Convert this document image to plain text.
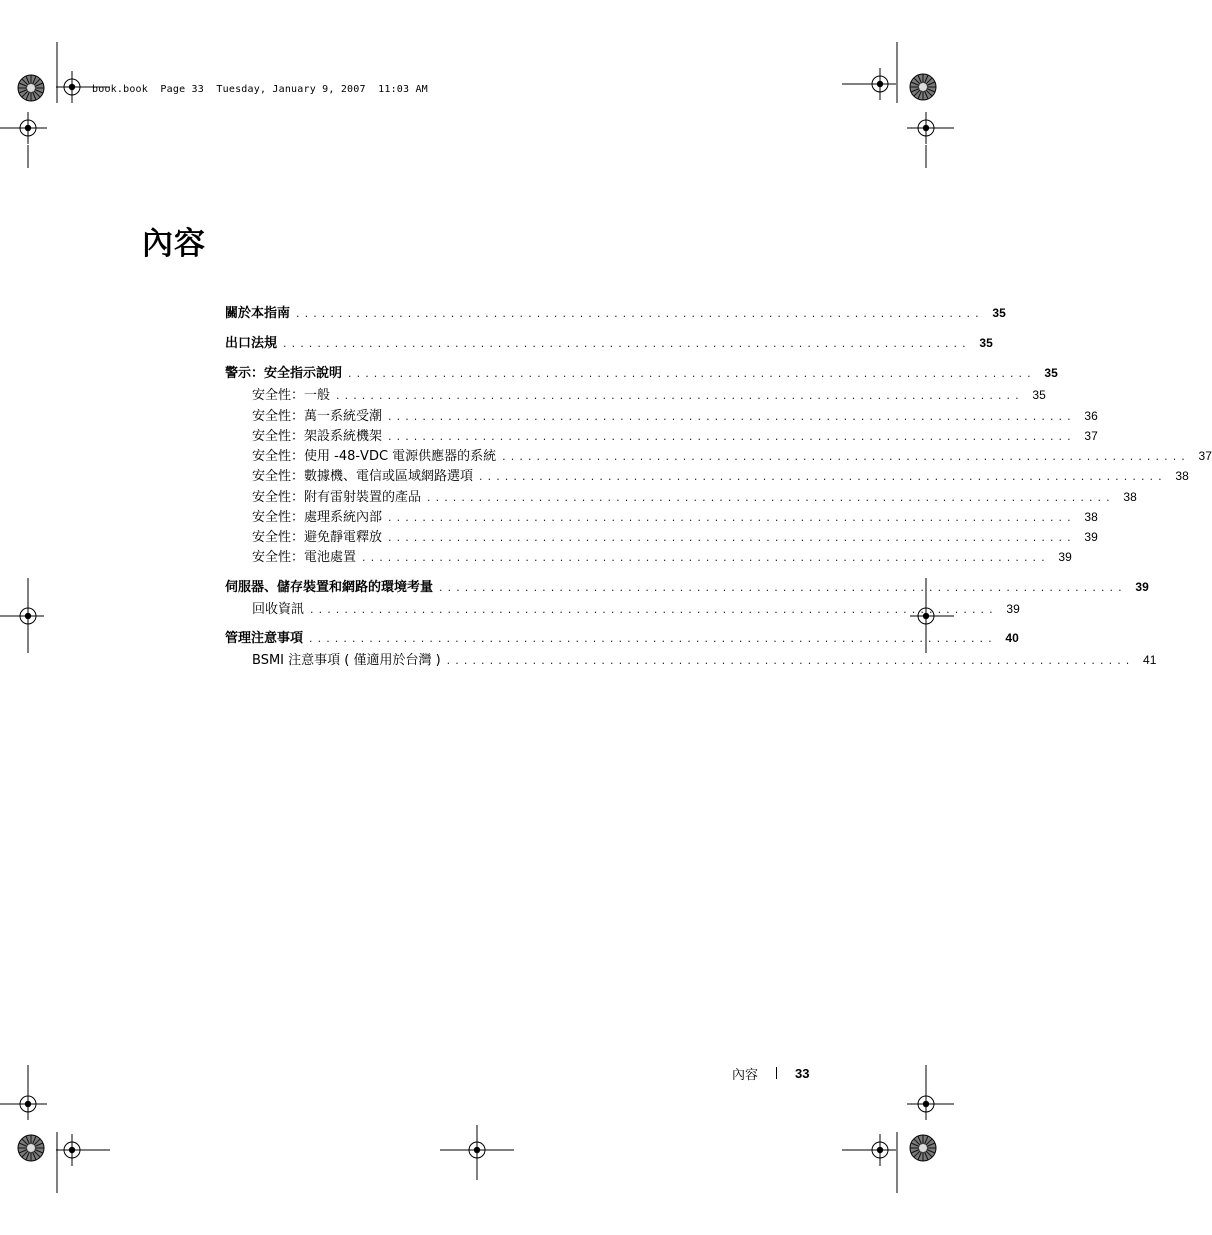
book.book  Page 33  Tuesday, January 9, 2007  11:03 AM
內容
關於本指南 ................................................................................ 35
出口法規 ................................................................................ 35
警示：安全指示說明 ................................................................................ 35
安全性：一般 ................................................................................ 35
安全性：萬一系統受潮 ................................................................................ 36
安全性：架設系統機架 ................................................................................ 37
安全性：使用 -48-VDC 電源供應器的系統 ................................................................................ 37
安全性：數據機、電信或區域網路選項 ................................................................................ 38
安全性：附有雷射裝置的產品 ................................................................................ 38
安全性：處理系統內部 ................................................................................ 38
安全性：避免靜電釋放 ................................................................................ 39
安全性：電池處置 ................................................................................ 39
伺服器、儲存裝置和網路的環境考量 ................................................................................ 39
回收資訊 ................................................................................ 39
管理注意事項 ................................................................................ 40
BSMI 注意事項 ( 僅適用於台灣 ) ................................................................................ 41
內容	33
